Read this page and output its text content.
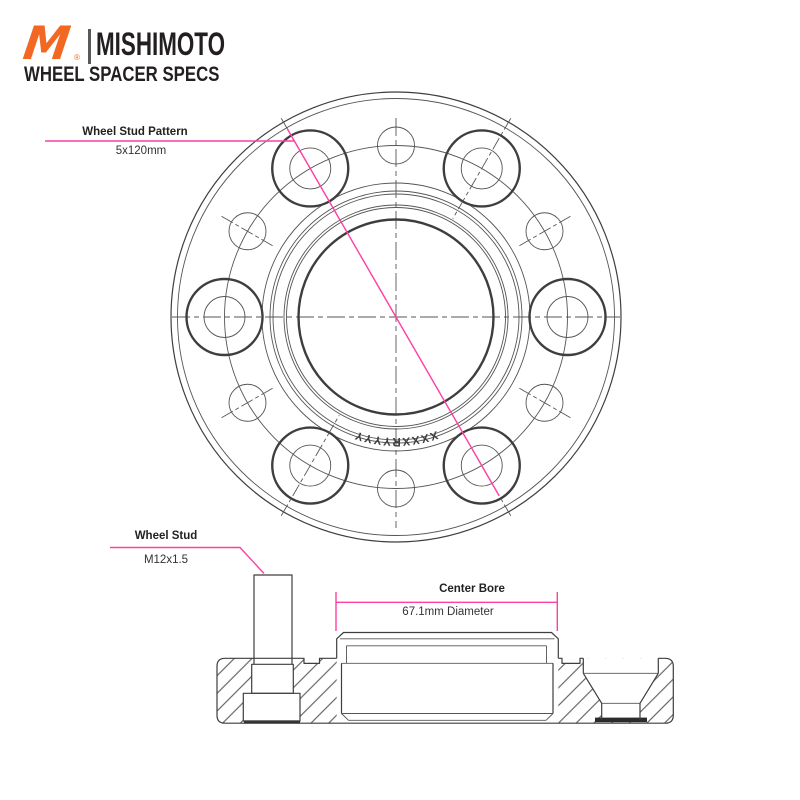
M ® MISHIMOTO
WHEEL SPACER SPECS
XXXXRYYYY
Wheel Stud Pattern
5x120mm
Wheel Stud
M12x1.5
Center Bore
67.1mm Diameter
